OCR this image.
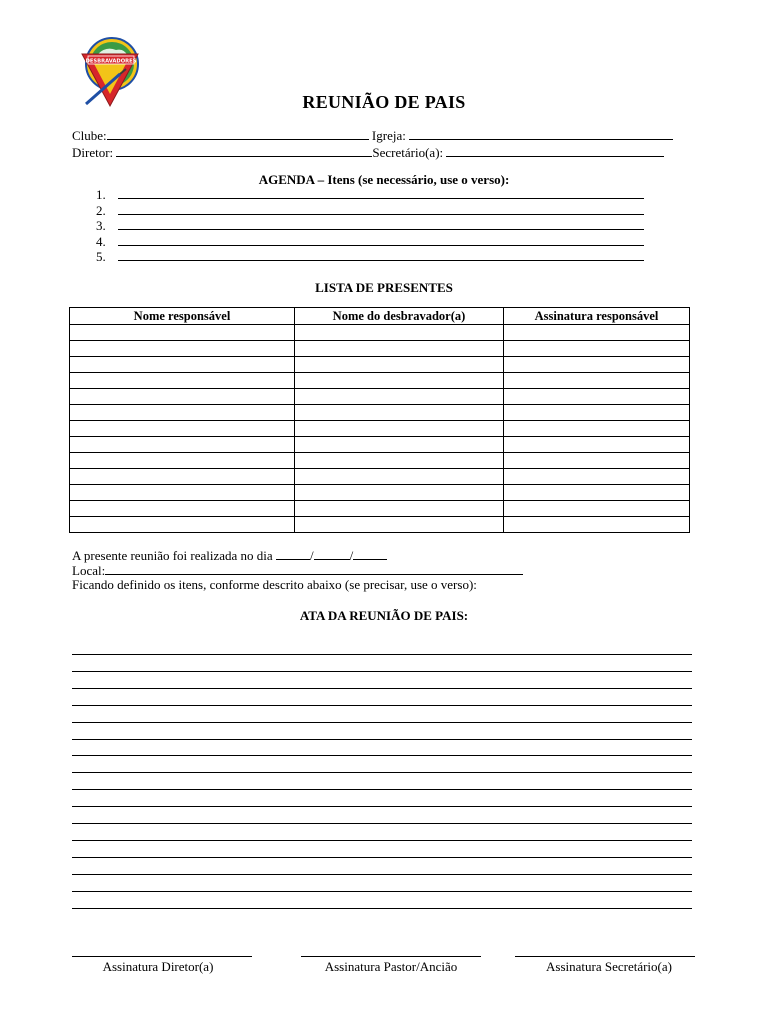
DESBRAVADORES
REUNIÃO DE PAIS
Clube:	Igreja:
Diretor:	Secretário(a):
AGENDA – Itens (se necessário, use o verso):
1.
2.
3.
4.
5.
LISTA DE PRESENTES
Nome responsável	Nome do desbravador(a)	Assinatura responsável

A presente reunião foi realizada no dia	/	/
Local:
Ficando definido os itens, conforme descrito abaixo (se precisar, use o verso):
ATA DA REUNIÃO DE PAIS:
Assinatura Diretor(a)	Assinatura Pastor/Ancião	Assinatura Secretário(a)
